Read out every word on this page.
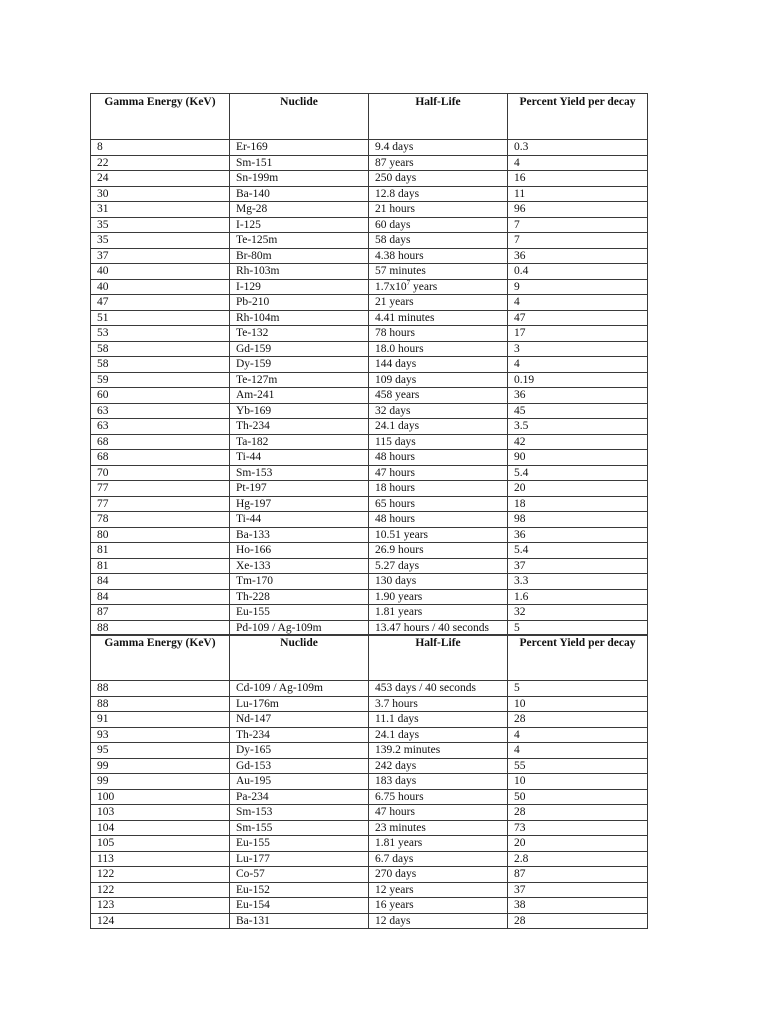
Gamma Energy (KeV)	Nuclide	Half-Life	Percent Yield per decay
8	Er-169	9.4 days	0.3
22	Sm-151	87 years	4
24	Sn-199m	250 days	16
30	Ba-140	12.8 days	11
31	Mg-28	21 hours	96
35	I-125	60 days	7
35	Te-125m	58 days	7
37	Br-80m	4.38 hours	36
40	Rh-103m	57 minutes	0.4
40	I-129	$1.7x10^7$ years	9
47	Pb-210	21 years	4
51	Rh-104m	4.41 minutes	47
53	Te-132	78 hours	17
58	Gd-159	18.0 hours	3
58	Dy-159	144 days	4
59	Te-127m	109 days	0.19
60	Am-241	458 years	36
63	Yb-169	32 days	45
63	Th-234	24.1 days	3.5
68	Ta-182	115 days	42
68	Ti-44	48 hours	90
70	Sm-153	47 hours	5.4
77	Pt-197	18 hours	20
77	Hg-197	65 hours	18
78	Ti-44	48 hours	98
80	Ba-133	10.51 years	36
81	Ho-166	26.9 hours	5.4
81	Xe-133	5.27 days	37
84	Tm-170	130 days	3.3
84	Th-228	1.90 years	1.6
87	Eu-155	1.81 years	32
88	Pd-109 / Ag-109m	13.47 hours / 40 seconds	5
Gamma Energy (KeV)	Nuclide	Half-Life	Percent Yield per decay
88	Cd-109 / Ag-109m	453 days / 40 seconds	5
88	Lu-176m	3.7 hours	10
91	Nd-147	11.1 days	28
93	Th-234	24.1 days	4
95	Dy-165	139.2 minutes	4
99	Gd-153	242 days	55
99	Au-195	183 days	10
100	Pa-234	6.75 hours	50
103	Sm-153	47 hours	28
104	Sm-155	23 minutes	73
105	Eu-155	1.81 years	20
113	Lu-177	6.7 days	2.8
122	Co-57	270 days	87
122	Eu-152	12 years	37
123	Eu-154	16 years	38
124	Ba-131	12 days	28
